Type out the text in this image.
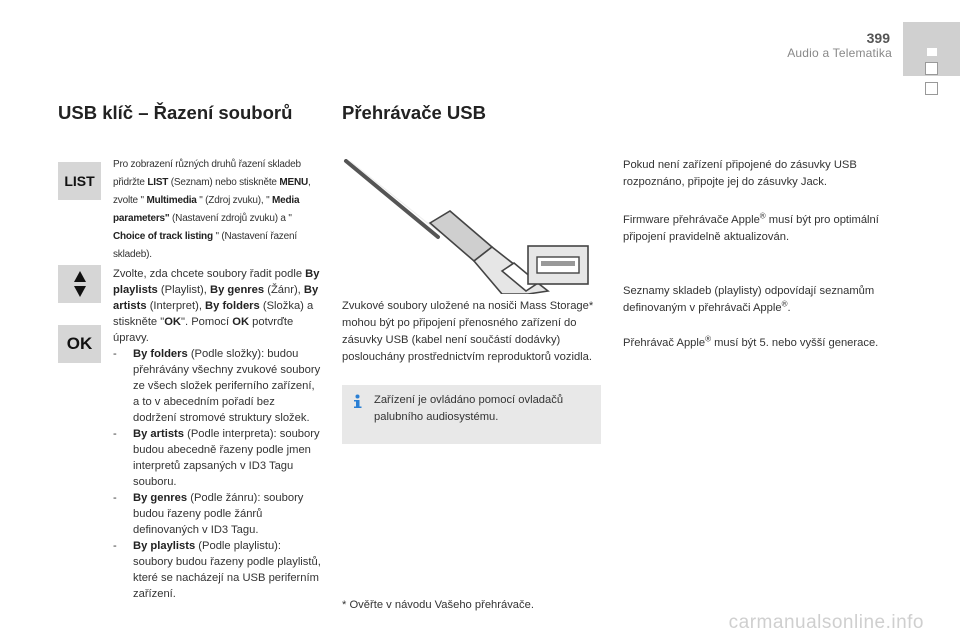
399
Audio a Telematika
USB klíč – Řazení souborů	Přehrávače USB
LIST
OK
Pro zobrazení různých druhů řazení skladeb přidržte LIST (Seznam) nebo stiskněte MENU, zvolte " Multimedia " (Zdroj zvuku), " Media parameters" (Nastavení zdrojů zvuku) a " Choice of track listing " (Nastavení řazení skladeb).
Zvolte, zda chcete soubory řadit podle By playlists (Playlist), By genres (Žánr), By artists (Interpret), By folders (Složka) a stiskněte "OK". Pomocí OK potvrďte úpravy.
- By folders (Podle složky): budou přehrávány všechny zvukové soubory ze všech složek periferního zařízení, a to v abecedním pořadí bez dodržení stromové struktury složek.
- By artists (Podle interpreta): soubory budou abecedně řazeny podle jmen interpretů zapsaných v ID3 Tagu souboru.
- By genres (Podle žánru): soubory budou řazeny podle žánrů definovaných v ID3 Tagu.
- By playlists (Podle playlistu): soubory budou řazeny podle playlistů, které se nacházejí na USB periferním zařízení.
Zvukové soubory uložené na nosiči Mass Storage* mohou být po připojení přenosného zařízení do zásuvky USB (kabel není součástí dodávky) poslouchány prostřednictvím reproduktorů vozidla.
Zařízení je ovládáno pomocí ovladačů palubního audiosystému.
* Ověřte v návodu Vašeho přehrávače.
Pokud není zařízení připojené do zásuvky USB rozpoznáno, připojte jej do zásuvky Jack.
Firmware přehrávače Apple® musí být pro optimální připojení pravidelně aktualizován.
Seznamy skladeb (playlisty) odpovídají seznamům definovaným v přehrávači Apple®.
Přehrávač Apple® musí být 5. nebo vyšší generace.
carmanualsonline.info
